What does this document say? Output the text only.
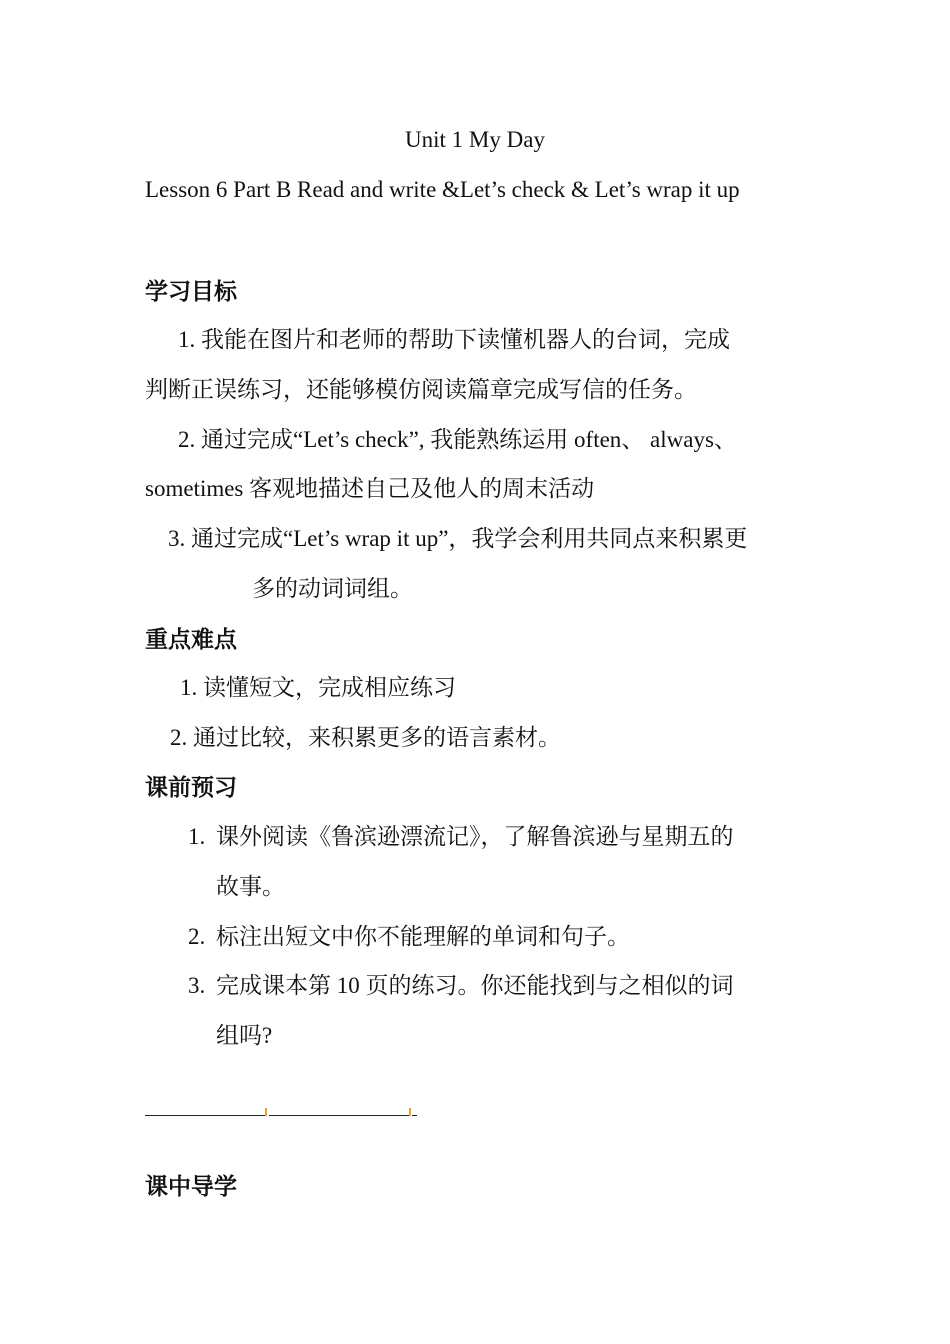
Unit 1 My Day
Lesson 6 Part B Read and write &Let’s check & Let’s wrap it up
学习目标
1. 我能在图片和老师的帮助下读懂机器人的台词，完成
判断正误练习，还能够模仿阅读篇章完成写信的任务。
2. 通过完成“Let’s check”, 我能熟练运用 often、 always、
sometimes 客观地描述自己及他人的周末活动
3. 通过完成“Let’s wrap it up”，我学会利用共同点来积累更
多的动词词组。
重点难点
1. 读懂短文，完成相应练习
2. 通过比较，来积累更多的语言素材。
课前预习
1. 课外阅读《鲁滨逊漂流记》，了解鲁滨逊与星期五的
故事。
2. 标注出短文中你不能理解的单词和句子。
3. 完成课本第 10 页的练习。你还能找到与之相似的词
组吗?
课中导学
